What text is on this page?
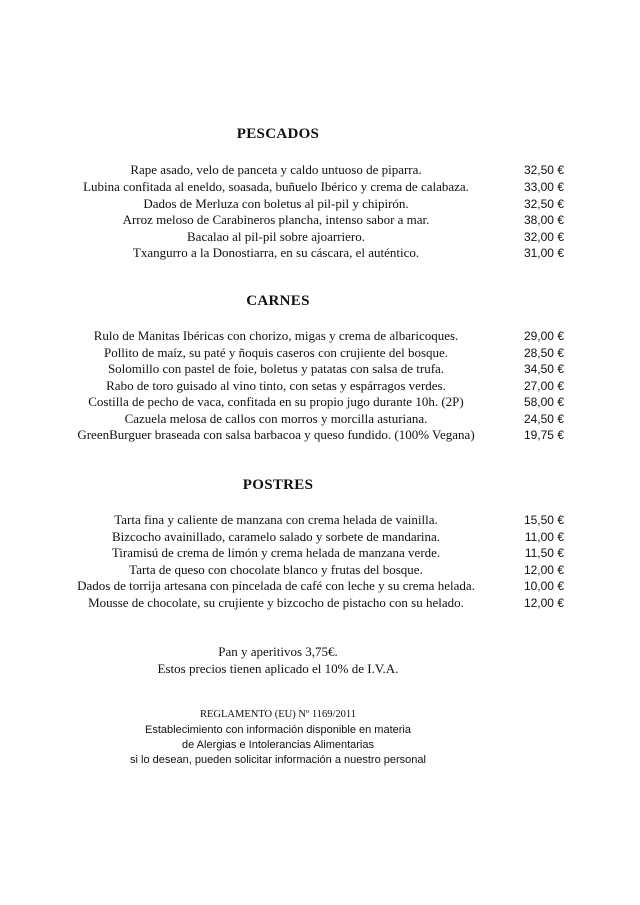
PESCADOS
Rape asado, velo de panceta y caldo untuoso de piparra.	32,50 €
Lubina confitada al eneldo, soasada, buñuelo Ibérico y crema de calabaza.	33,00 €
Dados de Merluza con boletus al pil-pil y chipirón.	32,50 €
Arroz meloso de Carabineros plancha, intenso sabor a mar.	38,00 €
Bacalao al pil-pil sobre ajoarriero.	32,00 €
Txangurro a la Donostiarra, en su cáscara, el auténtico.	31,00 €
CARNES
Rulo de Manitas Ibéricas con chorizo, migas y crema de albaricoques.	29,00 €
Pollito de maíz, su paté y ñoquis caseros con crujiente del bosque.	28,50 €
Solomillo con pastel de foie, boletus y patatas con salsa de trufa.	34,50 €
Rabo de toro guisado al vino tinto, con setas y espárragos verdes.	27,00 €
Costilla de pecho de vaca, confitada en su propio jugo durante 10h. (2P)	58,00 €
Cazuela melosa de callos con morros y morcilla asturiana.	24,50 €
GreenBurguer braseada con salsa barbacoa y queso fundido. (100% Vegana)	19,75 €
POSTRES
Tarta fina y caliente de manzana con crema helada de vainilla.	15,50 €
Bizcocho avainillado, caramelo salado y sorbete de mandarina.	11,00 €
Tiramisú de crema de limón y crema helada de manzana verde.	11,50 €
Tarta de queso con chocolate blanco y frutas del bosque.	12,00 €
Dados de torrija artesana con pincelada de café con leche y su crema helada.	10,00 €
Mousse de chocolate, su crujiente y bizcocho de pistacho con su helado.	12,00 €
Pan y aperitivos 3,75€.
Estos precios tienen aplicado el 10% de I.V.A.
REGLAMENTO (EU) Nº 1169/2011
Establecimiento con información disponible en materia
de Alergias e Intolerancias Alimentarias
si lo desean, pueden solicitar información a nuestro personal
